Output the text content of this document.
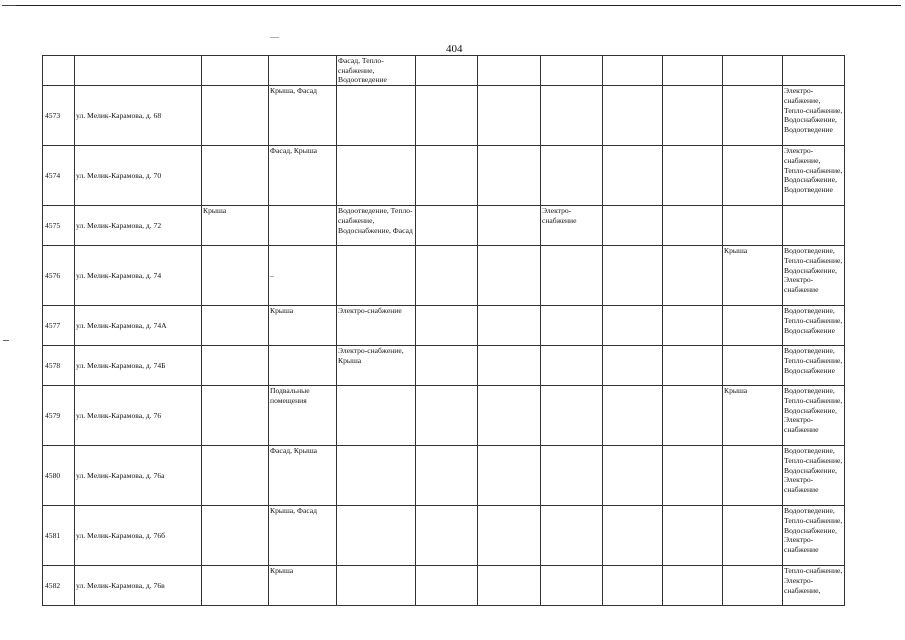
—
404
				Фасад, Тепло-снабжение, Водоотведение							
4573	ул. Мелик-Карамова, д. 68		Крыша, Фасад								Электро-снабжение, Тепло-снабжение, Водоснабжение, Водоотведение
4574	ул. Мелик-Карамова, д. 70		Фасад, Крыша								Электро-снабжение, Тепло-снабжение, Водоснабжение, Водоотведение
4575	ул. Мелик-Карамова, д. 72	Крыша		Водоотведение, Тепло-снабжение, Водоснабжение, Фасад			Электро-снабжение				
4576	ул. Мелик-Карамова, д. 74		–							Крыша	Водоотведение, Тепло-снабжение, Водоснабжение, Электро-снабжение
4577	ул. Мелик-Карамова, д. 74А		Крыша	Электро-снабжение							Водоотведение, Тепло-снабжение, Водоснабжение
4578	ул. Мелик-Карамова, д. 74Б			Электро-снабжение, Крыша							Водоотведение, Тепло-снабжение, Водоснабжение
4579	ул. Мелик-Карамова, д. 76		Подвальные помещения							Крыша	Водоотведение, Тепло-снабжение, Водоснабжение, Электро-снабжение
4580	ул. Мелик-Карамова, д. 76а		Фасад, Крыша								Водоотведение, Тепло-снабжение, Водоснабжение, Электро-снабжение
4581	ул. Мелик-Карамова, д. 76б		Крыша, Фасад								Водоотведение, Тепло-снабжение, Водоснабжение, Электро-снабжение
4582	ул. Мелик-Карамова, д. 76в		Крыша								Тепло-снабжение, Электро-снабжение,
